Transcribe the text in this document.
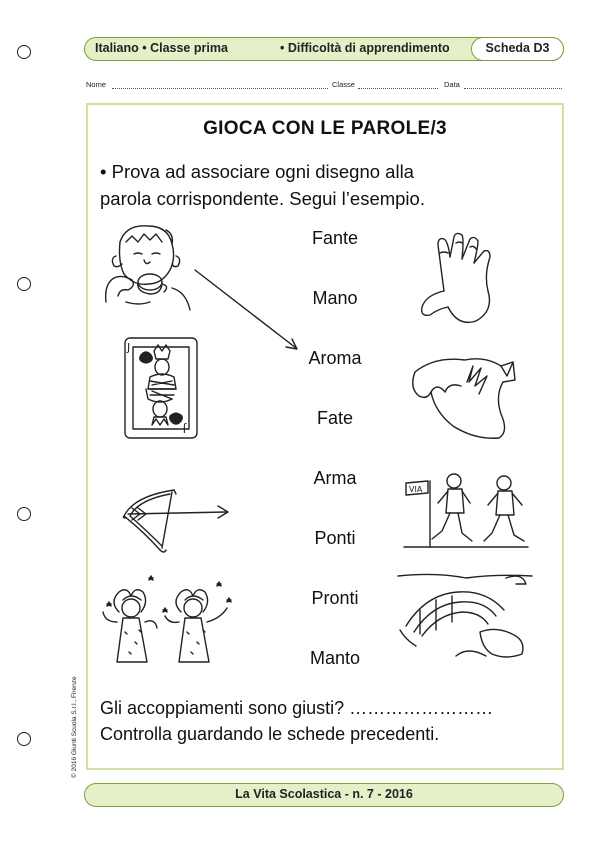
Italiano • Classe prima	• Difficoltà di apprendimento	Scheda D3
Nome	Classe	Data
GIOCA CON LE PAROLE/3
• Prova ad associare ogni disegno alla
parola corrispondente. Segui l’esempio.
Fante
Mano
Aroma
Fate
Arma
Ponti
Pronti
Manto
J
J
VIA
Gli accoppiamenti sono giusti? ……………………
Controlla guardando le schede precedenti.
© 2016 Giunti Scuola S.r.l., Firenze
La Vita Scolastica - n. 7 - 2016
